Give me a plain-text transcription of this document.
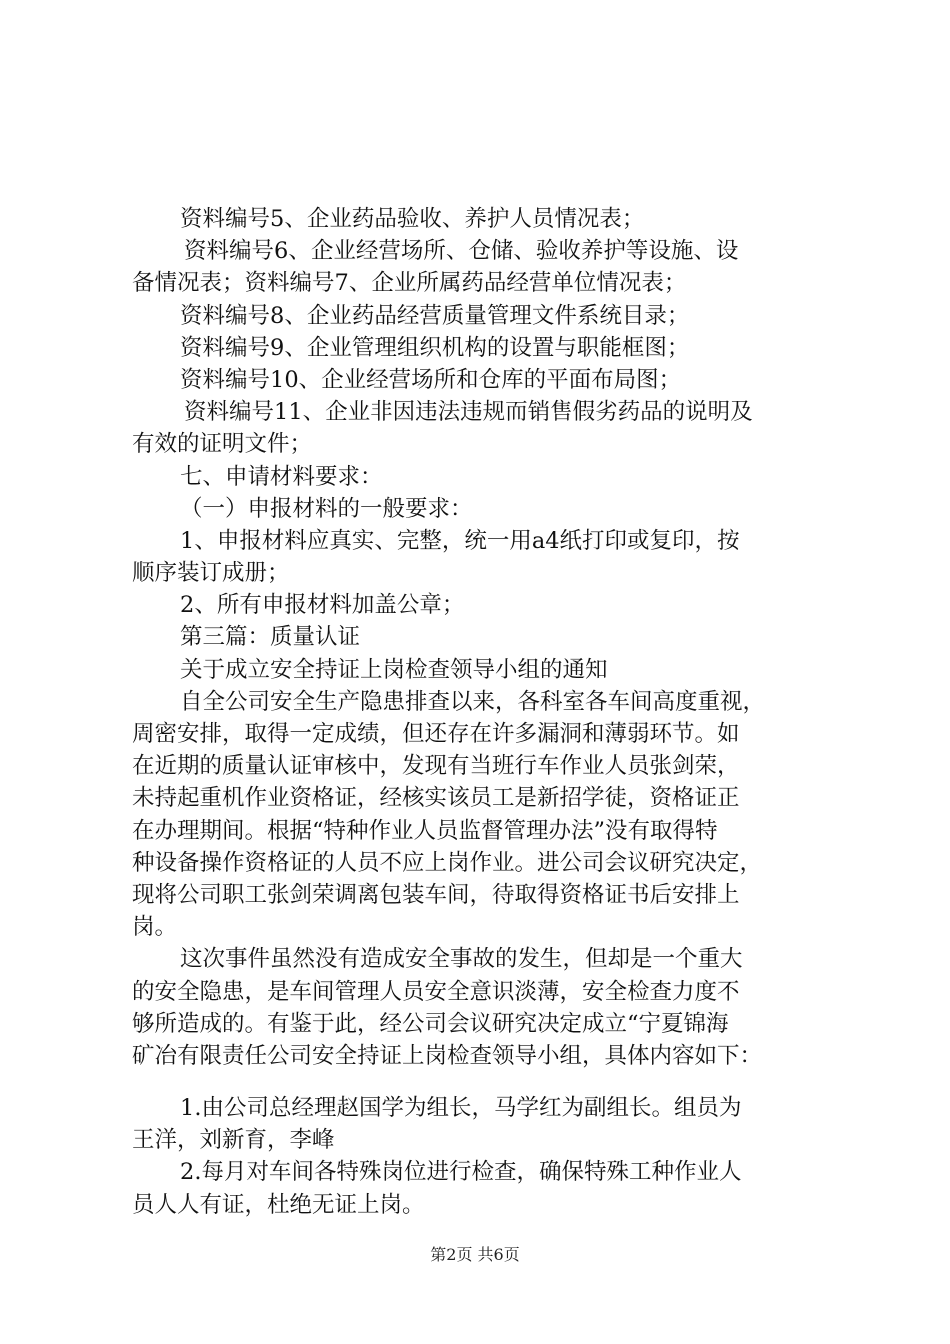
资料编号5、企业药品验收、养护人员情况表；
资料编号6、企业经营场所、仓储、验收养护等设施、设
备情况表；资料编号7、企业所属药品经营单位情况表；
资料编号8、企业药品经营质量管理文件系统目录；
资料编号9、企业管理组织机构的设置与职能框图；
资料编号10、企业经营场所和仓库的平面布局图；
资料编号11、企业非因违法违规而销售假劣药品的说明及
有效的证明文件；
七、申请材料要求：
（一）申报材料的一般要求：
1、申报材料应真实、完整，统一用a4纸打印或复印，按
顺序装订成册；
2、所有申报材料加盖公章；
第三篇：质量认证
关于成立安全持证上岗检查领导小组的通知
自全公司安全生产隐患排查以来，各科室各车间高度重视，
周密安排，取得一定成绩，但还存在许多漏洞和薄弱环节。如
在近期的质量认证审核中，发现有当班行车作业人员张剑荣，
未持起重机作业资格证，经核实该员工是新招学徒，资格证正
在办理期间。根据“特种作业人员监督管理办法”没有取得特
种设备操作资格证的人员不应上岗作业。进公司会议研究决定，
现将公司职工张剑荣调离包装车间，待取得资格证书后安排上
岗。
这次事件虽然没有造成安全事故的发生，但却是一个重大
的安全隐患，是车间管理人员安全意识淡薄，安全检查力度不
够所造成的。有鉴于此，经公司会议研究决定成立“宁夏锦海
矿冶有限责任公司安全持证上岗检查领导小组，具体内容如下：
1.由公司总经理赵国学为组长，马学红为副组长。组员为
王洋，刘新育，李峰
2.每月对车间各特殊岗位进行检查，确保特殊工种作业人
员人人有证，杜绝无证上岗。
第2页 共6页
